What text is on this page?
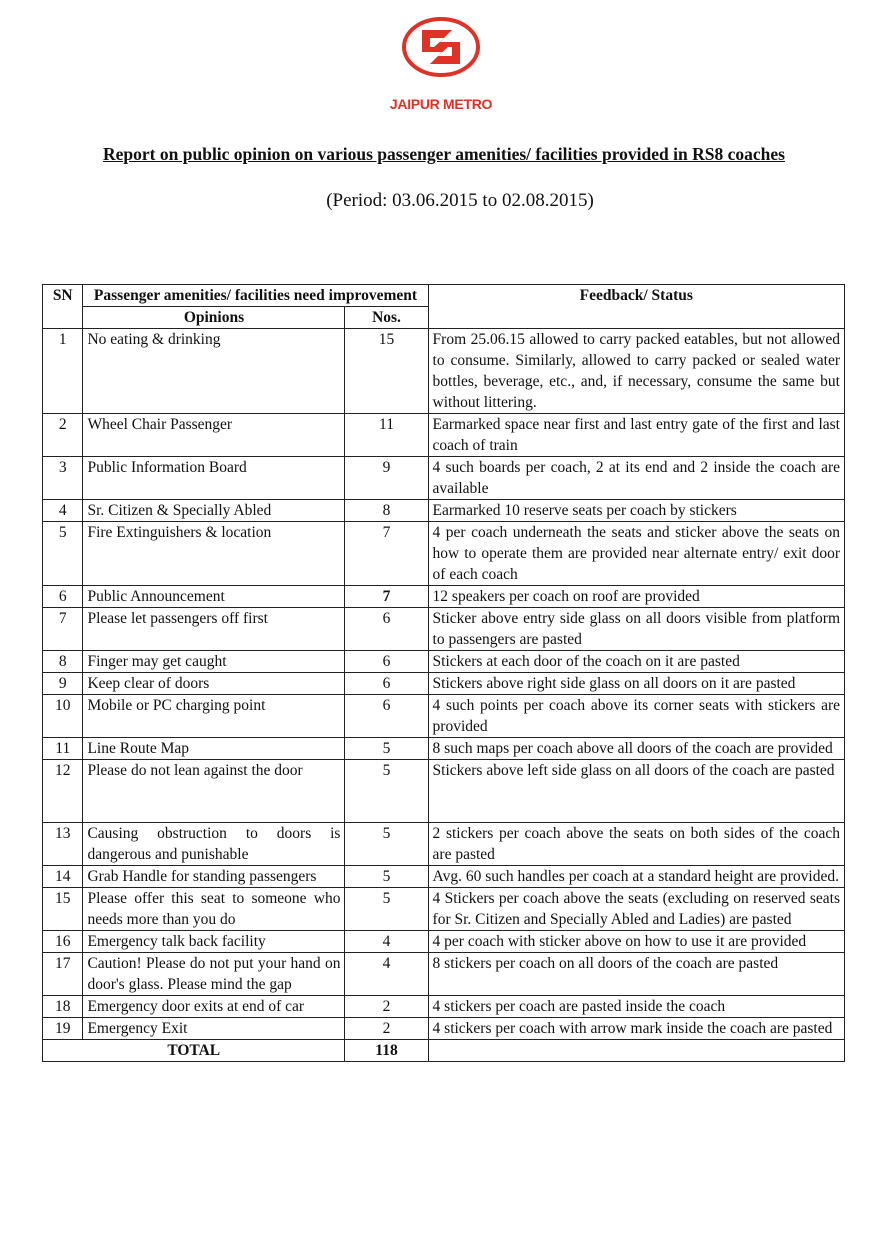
JAIPUR METRO
Report on public opinion on various passenger amenities/ facilities provided in RS8 coaches
(Period: 03.06.2015 to 02.08.2015)
SN	Passenger amenities/ facilities need improvement		Feedback/ Status
	Opinions	Nos.	
1	No eating & drinking	15	From 25.06.15 allowed to carry packed eatables, but not allowed to consume. Similarly, allowed to carry packed or sealed water bottles, beverage, etc., and, if necessary, consume the same but without littering.
2	Wheel Chair Passenger	11	Earmarked space near first and last entry gate of the first and last coach of train
3	Public Information Board	9	4 such boards per coach, 2 at its end and 2 inside the coach are available
4	Sr. Citizen & Specially Abled	8	Earmarked 10 reserve seats per coach by stickers
5	Fire Extinguishers & location	7	4 per coach underneath the seats and sticker above the seats on how to operate them are provided near alternate entry/ exit door of each coach
6	Public Announcement	7	12 speakers per coach on roof are provided
7	Please let passengers off first	6	Sticker above entry side glass on all doors visible from platform to passengers are pasted
8	Finger may get caught	6	Stickers at each door of the coach on it are pasted
9	Keep clear of doors	6	Stickers above right side glass on all doors on it are pasted
10	Mobile or PC charging point	6	4 such points per coach above its corner seats with stickers are provided
11	Line Route Map	5	8 such maps per coach above all doors of the coach are provided
12	Please do not lean against the door	5	Stickers above left side glass on all doors of the coach are pasted
13	Causing obstruction to doors is dangerous and punishable	5	2 stickers per coach above the seats on both sides of the coach are pasted
14	Grab Handle for standing passengers	5	Avg. 60 such handles per coach at a standard height are provided.
15	Please offer this seat to someone who needs more than you do	5	4 Stickers per coach above the seats (excluding on reserved seats for Sr. Citizen and Specially Abled and Ladies) are pasted
16	Emergency talk back facility	4	4 per coach with sticker above on how to use it are provided
17	Caution! Please do not put your hand on door's glass. Please mind the gap	4	8 stickers per coach on all doors of the coach are pasted
18	Emergency door exits at end of car	2	4 stickers per coach are pasted inside the coach
19	Emergency Exit	2	4 stickers per coach with arrow mark inside the coach are pasted
TOTAL		118	
